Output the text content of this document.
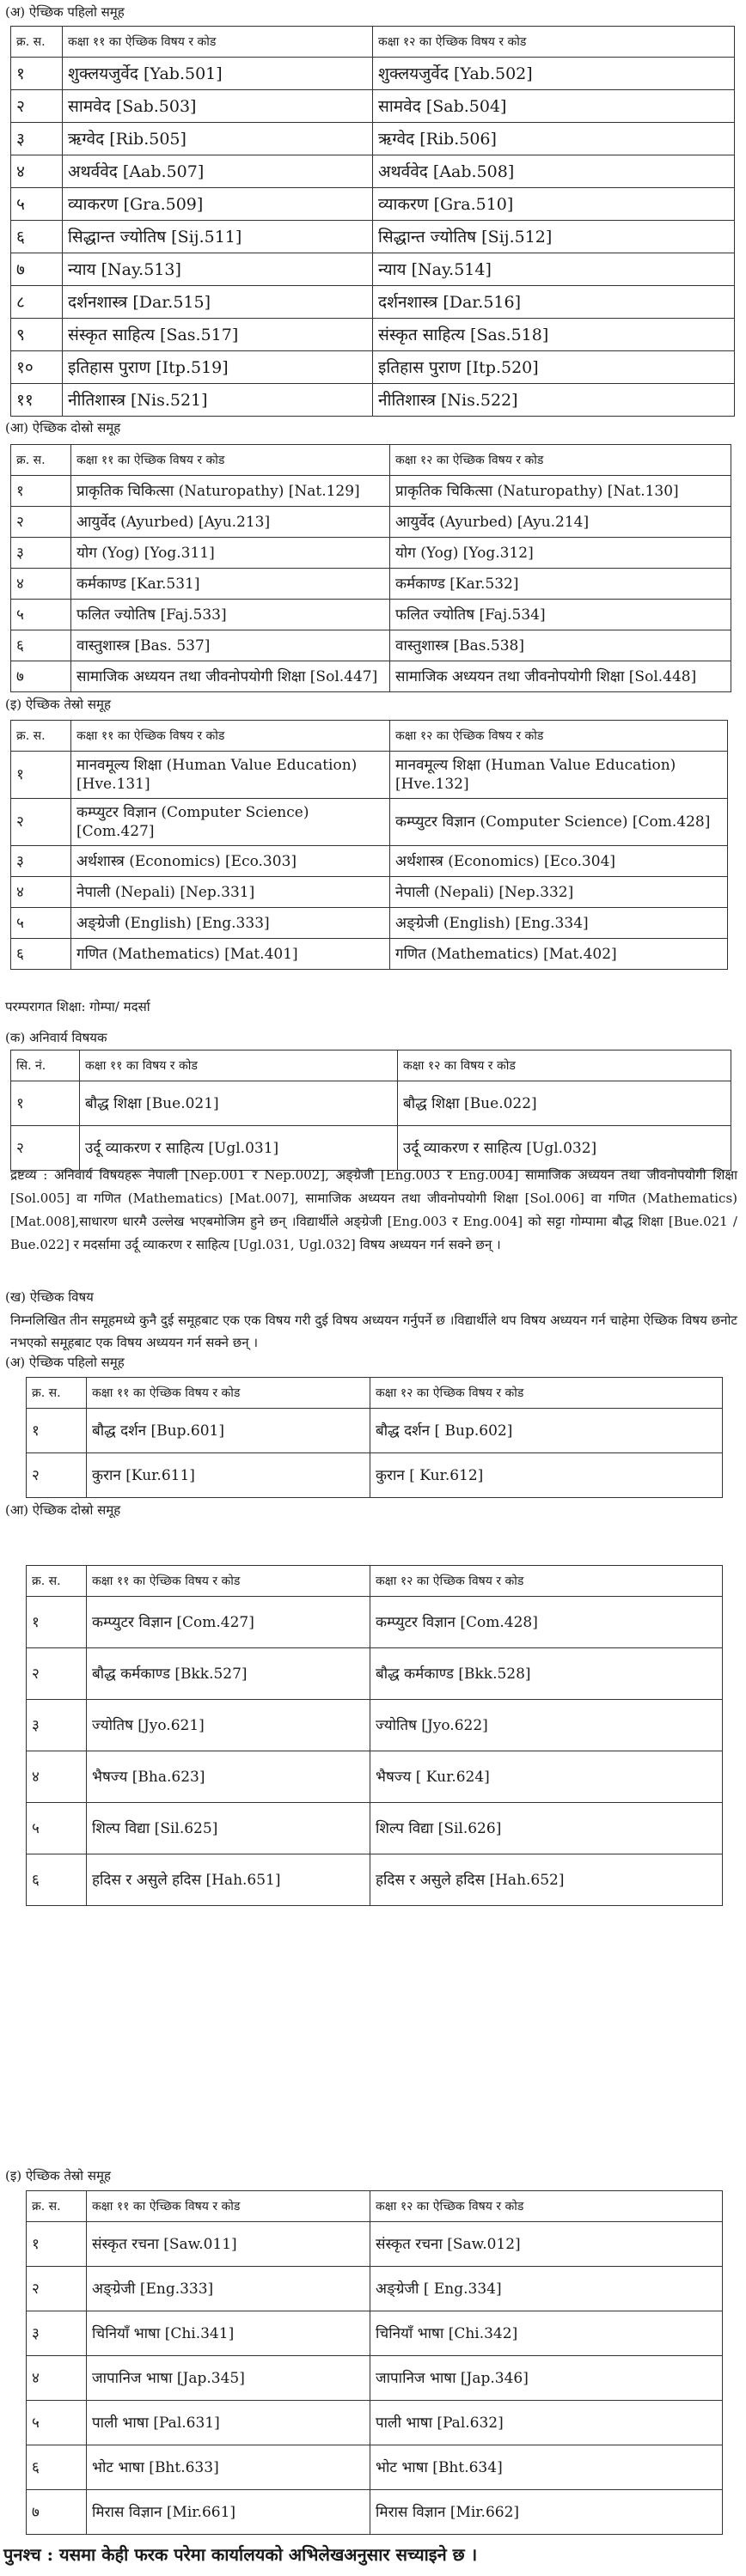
(अ) ऐच्छिक पहिलो समूह
क्र. स.	कक्षा ११ का ऐच्छिक विषय र कोड	कक्षा १२ का ऐच्छिक विषय र कोड
१	शुक्लयजुर्वेद [Yab.501]	शुक्लयजुर्वेद [Yab.502]
२	सामवेद [Sab.503]	सामवेद [Sab.504]
३	ऋग्वेद [Rib.505]	ऋग्वेद [Rib.506]
४	अथर्ववेद [Aab.507]	अथर्ववेद [Aab.508]
५	व्याकरण [Gra.509]	व्याकरण [Gra.510]
६	सिद्धान्त ज्योतिष [Sij.511]	सिद्धान्त ज्योतिष [Sij.512]
७	न्याय [Nay.513]	न्याय [Nay.514]
८	दर्शनशास्त्र [Dar.515]	दर्शनशास्त्र [Dar.516]
९	संस्कृत साहित्य [Sas.517]	संस्कृत साहित्य [Sas.518]
१०	इतिहास पुराण [Itp.519]	इतिहास पुराण [Itp.520]
११	नीतिशास्त्र [Nis.521]	नीतिशास्त्र [Nis.522]
(आ) ऐच्छिक दोस्रो समूह
क्र. स.	कक्षा ११ का ऐच्छिक विषय र कोड	कक्षा १२ का ऐच्छिक विषय र कोड
१	प्राकृतिक चिकित्सा (Naturopathy) [Nat.129]	प्राकृतिक चिकित्सा (Naturopathy) [Nat.130]
२	आयुर्वेद (Ayurbed) [Ayu.213]	आयुर्वेद (Ayurbed) [Ayu.214]
३	योग (Yog) [Yog.311]	योग (Yog) [Yog.312]
४	कर्मकाण्ड [Kar.531]	कर्मकाण्ड [Kar.532]
५	फलित ज्योतिष [Faj.533]	फलित ज्योतिष [Faj.534]
६	वास्तुशास्त्र [Bas. 537]	वास्तुशास्त्र [Bas.538]
७	सामाजिक अध्ययन तथा जीवनोपयोगी शिक्षा [Sol.447]	सामाजिक अध्ययन तथा जीवनोपयोगी शिक्षा [Sol.448]
(इ) ऐच्छिक तेस्रो समूह
क्र. स.	कक्षा ११ का ऐच्छिक विषय र कोड	कक्षा १२ का ऐच्छिक विषय र कोड
१	मानवमूल्य शिक्षा (Human Value Education) [Hve.131]	मानवमूल्य शिक्षा (Human Value Education) [Hve.132]
२	कम्प्युटर विज्ञान (Computer Science) [Com.427]	कम्प्युटर विज्ञान (Computer Science) [Com.428]
३	अर्थशास्त्र (Economics) [Eco.303]	अर्थशास्त्र (Economics) [Eco.304]
४	नेपाली (Nepali) [Nep.331]	नेपाली (Nepali) [Nep.332]
५	अङ्ग्रेजी (English) [Eng.333]	अङ्ग्रेजी (English) [Eng.334]
६	गणित (Mathematics) [Mat.401]	गणित (Mathematics) [Mat.402]
परम्परागत शिक्षा: गोम्पा/ मदर्सा
(क) अनिवार्य विषयक
सि. नं.	कक्षा ११ का विषय र कोड	कक्षा १२ का विषय र कोड
१	बौद्ध शिक्षा [Bue.021]	बौद्ध शिक्षा [Bue.022]
२	उर्दू व्याकरण र साहित्य [Ugl.031]	उर्दू व्याकरण र साहित्य [Ugl.032]
द्रष्टव्य : अनिवार्य विषयहरू नेपाली [Nep.001 र Nep.002], अङ्ग्रेजी [Eng.003 र Eng.004] सामाजिक अध्ययन तथा जीवनोपयोगी शिक्षा [Sol.005] वा गणित (Mathematics) [Mat.007], सामाजिक अध्ययन तथा जीवनोपयोगी शिक्षा [Sol.006] वा गणित (Mathematics) [Mat.008],साधारण धारमै उल्लेख भएबमोजिम हुने छन् ।विद्यार्थीले अङ्ग्रेजी [Eng.003 र Eng.004] को सट्टा गोम्पामा बौद्ध शिक्षा [Bue.021 / Bue.022] र मदर्सामा उर्दू व्याकरण र साहित्य [Ugl.031, Ugl.032] विषय अध्ययन गर्न सक्ने छन् ।
(ख) ऐच्छिक विषय
निम्नलिखित तीन समूहमध्ये कुनै दुई समूहबाट एक एक विषय गरी दुई विषय अध्ययन गर्नुपर्ने छ ।विद्यार्थीले थप विषय अध्ययन गर्न चाहेमा ऐच्छिक विषय छनोट नभएको समूहबाट एक विषय अध्ययन गर्न सक्ने छन् ।
(अ) ऐच्छिक पहिलो समूह
क्र. स.	कक्षा ११ का ऐच्छिक विषय र कोड	कक्षा १२ का ऐच्छिक विषय र कोड
१	बौद्ध दर्शन [Bup.601]	बौद्ध दर्शन [ Bup.602]
२	कुरान [Kur.611]	कुरान [ Kur.612]
(आ) ऐच्छिक दोस्रो समूह
क्र. स.	कक्षा ११ का ऐच्छिक विषय र कोड	कक्षा १२ का ऐच्छिक विषय र कोड
१	कम्प्युटर विज्ञान [Com.427]	कम्प्युटर विज्ञान [Com.428]
२	बौद्ध कर्मकाण्ड [Bkk.527]	बौद्ध कर्मकाण्ड [Bkk.528]
३	ज्योतिष [Jyo.621]	ज्योतिष [Jyo.622]
४	भैषज्य [Bha.623]	भैषज्य [ Kur.624]
५	शिल्प विद्या [Sil.625]	शिल्प विद्या [Sil.626]
६	हदिस र असुले हदिस [Hah.651]	हदिस र असुले हदिस [Hah.652]
(इ) ऐच्छिक तेस्रो समूह
क्र. स.	कक्षा ११ का ऐच्छिक विषय र कोड	कक्षा १२ का ऐच्छिक विषय र कोड
१	संस्कृत रचना [Saw.011]	संस्कृत रचना [Saw.012]
२	अङ्ग्रेजी [Eng.333]	अङ्ग्रेजी [ Eng.334]
३	चिनियाँ भाषा [Chi.341]	चिनियाँ भाषा [Chi.342]
४	जापानिज भाषा [Jap.345]	जापानिज भाषा [Jap.346]
५	पाली भाषा [Pal.631]	पाली भाषा [Pal.632]
६	भोट भाषा [Bht.633]	भोट भाषा [Bht.634]
७	मिरास विज्ञान [Mir.661]	मिरास विज्ञान [Mir.662]
पुनश्च : यसमा केही फरक परेमा कार्यालयको अभिलेखअनुसार सच्याइने छ ।
